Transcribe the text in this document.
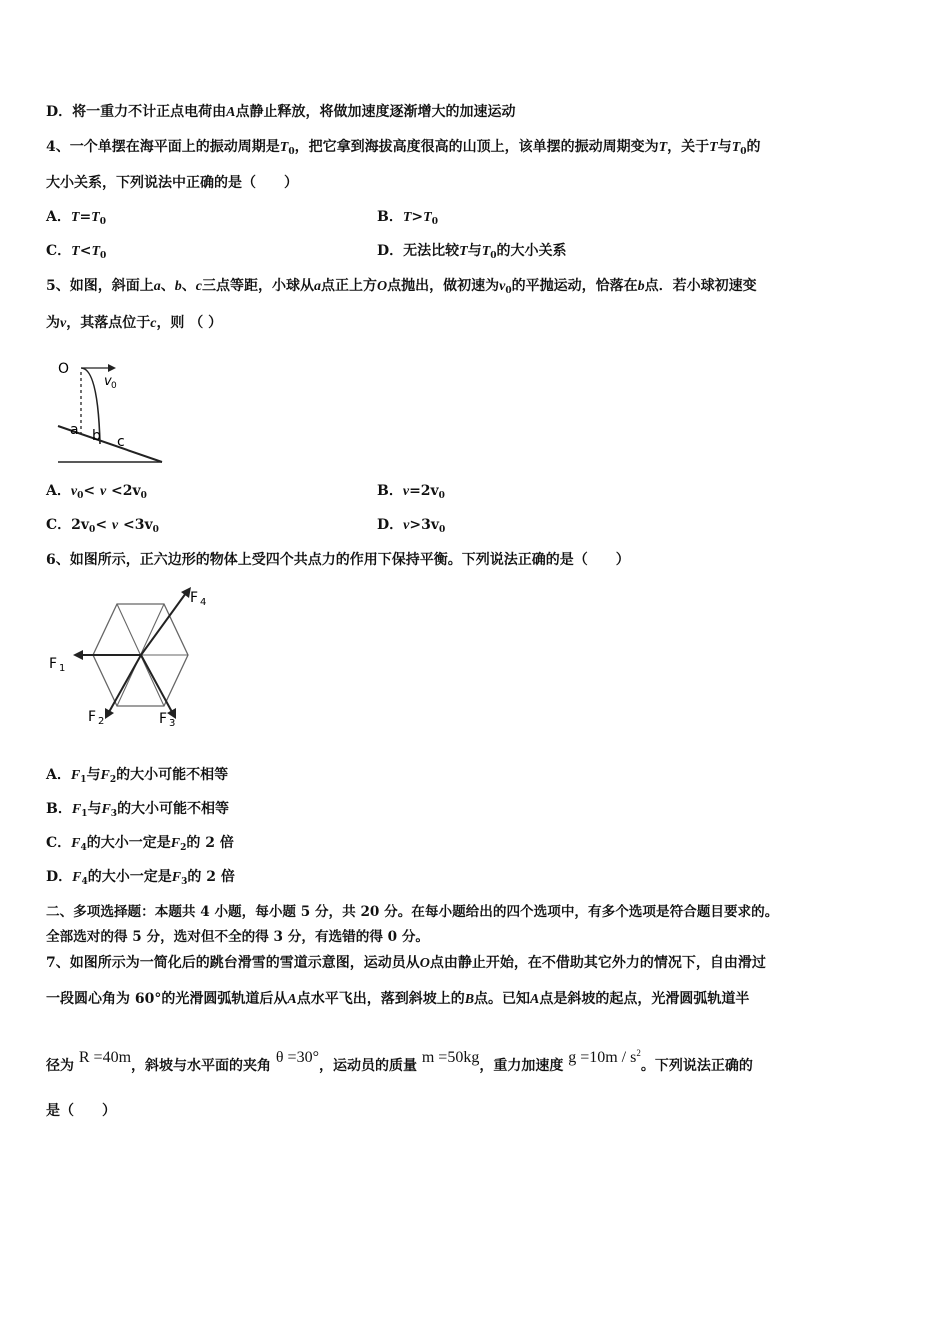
D．将一重力不计正点电荷由A点静止释放，将做加速度逐渐增大的加速运动
4、一个单摆在海平面上的振动周期是$T_0$，把它拿到海拔高度很高的山顶上，该单摆的振动周期变为T，关于T与$T_0$的
大小关系，下列说法中正确的是（　　）
A．$T=T_0$	B．$T>T_0$
C．$T<T_0$	D．无法比较T与$T_0$的大小关系
5、如图，斜面上a、b、c三点等距，小球从a点正上方O点抛出，做初速为$v_0$的平抛运动，恰落在b点．若小球初速变
为v，其落点位于c，则 （ ）
O
v 0
a b c
A．$v_0< v <2v_0$	B．$v=2v_0$
C．$2v_0< v <3v_0$	D．$v>3v_0$
6、如图所示，正六边形的物体上受四个共点力的作用下保持平衡。下列说法正确的是（　　）
F 1
F 2	F 3
F 4
A．$F_1$与$F_2$的大小可能不相等
B．$F_1$与$F_3$的大小可能不相等
C．$F_4$的大小一定是$F_2$的 2 倍
D．$F_4$的大小一定是$F_3$的 2 倍
二、多项选择题：本题共 4 小题，每小题 5 分，共 20 分。在每小题给出的四个选项中，有多个选项是符合题目要求的。
全部选对的得 5 分，选对但不全的得 3 分，有选错的得 0 分。
7、如图所示为一简化后的跳台滑雪的雪道示意图，运动员从O点由静止开始，在不借助其它外力的情况下，自由滑过
一段圆心角为 60°的光滑圆弧轨道后从A点水平飞出，落到斜坡上的B点。已知A点是斜坡的起点，光滑圆弧轨道半
径为 R =40m，斜坡与水平面的夹角 θ =30°，运动员的质量 m =50kg，重力加速度 $g =10m / s^2$。下列说法正确的
是（　　）
